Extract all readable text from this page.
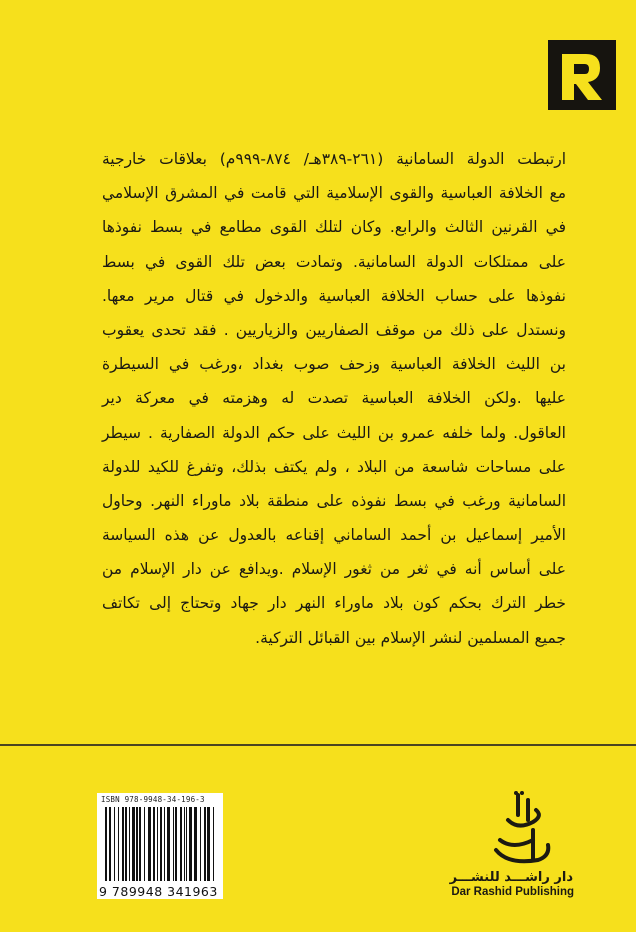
ارتبطت الدولة السامانية (٢٦١-٣٨٩هـ/ ٨٧٤-٩٩٩م) بعلاقات خارجية
مع الخلافة العباسية والقوى الإسلامية التي قامت في المشرق الإسلامي
في القرنين الثالث والرابع. وكان لتلك القوى مطامع في بسط نفوذها
على ممتلكات الدولة السامانية. وتمادت بعض تلك القوى في بسط
نفوذها على حساب الخلافة العباسية والدخول في قتال مرير معها.
ونستدل على ذلك من موقف الصفاريين والزياريين . فقد تحدى يعقوب
بن الليث الخلافة العباسية وزحف صوب بغداد ،ورغب في السيطرة
عليها .ولكن الخلافة العباسية تصدت له وهزمته في معركة دير
العاقول. ولما خلفه عمرو بن الليث على حكم الدولة الصفارية . سيطر
على مساحات شاسعة من البلاد ، ولم يكتف بذلك، وتفرغ للكيد للدولة
السامانية ورغب في بسط نفوذه على منطقة بلاد ماوراء النهر. وحاول
الأمير إسماعيل بن أحمد الساماني إقناعه بالعدول عن هذه السياسة
على أساس أنه في ثغر من ثغور الإسلام .ويدافع عن دار الإسلام من
خطر الترك بحكم كون بلاد ماوراء النهر دار جهاد وتحتاج إلى تكاتف
جميع المسلمين لنشر الإسلام بين القبائل التركية.
ISBN 978-9948-34-196-3
9 789948 341963
دار راشـــد للنشـــر
Dar Rashid Publishing
